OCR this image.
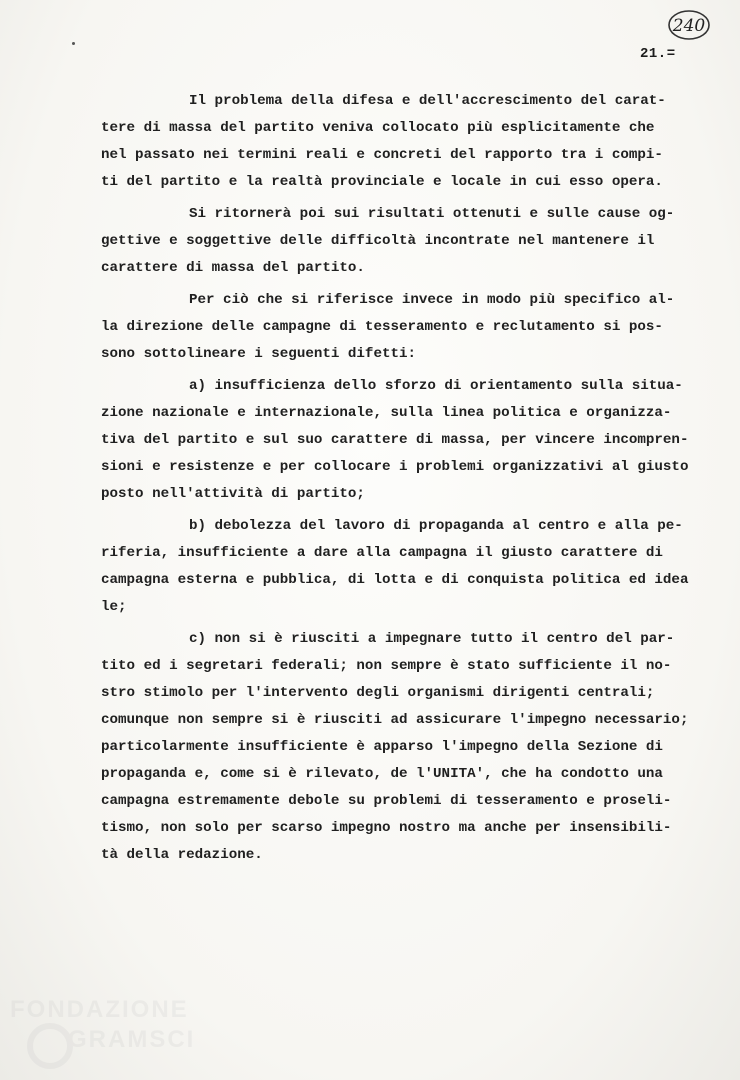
240
21.=
Il problema della difesa e dell'accrescimento del carat-
tere di massa del partito veniva collocato più esplicitamente che
nel passato nei termini reali e concreti del rapporto tra i compi-
ti del partito e la realtà provinciale e locale in cui esso opera.
Si ritornerà poi sui risultati ottenuti e sulle cause og-
gettive e soggettive delle difficoltà incontrate nel mantenere il
carattere di massa del partito.
Per ciò che si riferisce invece in modo più specifico al-
la direzione delle campagne di tesseramento e reclutamento si pos-
sono sottolineare i seguenti difetti:
a) insufficienza dello sforzo di orientamento sulla situa-
zione nazionale e internazionale, sulla linea politica e organizza-
tiva del partito e sul suo carattere di massa, per vincere incompren-
sioni e resistenze e per collocare i problemi organizzativi al giusto
posto nell'attività di partito;
b) debolezza del lavoro di propaganda al centro e alla pe-
riferia, insufficiente a dare alla campagna il giusto carattere di
campagna esterna e pubblica, di lotta e di conquista politica ed idea
le;
c) non si è riusciti a impegnare tutto il centro del par-
tito ed i segretari federali; non sempre è stato sufficiente il no-
stro stimolo per l'intervento degli organismi dirigenti centrali;
comunque non sempre si è riusciti ad assicurare l'impegno necessario;
particolarmente insufficiente è apparso l'impegno della Sezione di
propaganda e, come si è rilevato, de l'UNITA', che ha condotto una
campagna estremamente debole su problemi di tesseramento e proseli-
tismo, non solo per scarso impegno nostro ma anche per insensibili-
tà della redazione.
FONDAZIONE
GRAMSCI
